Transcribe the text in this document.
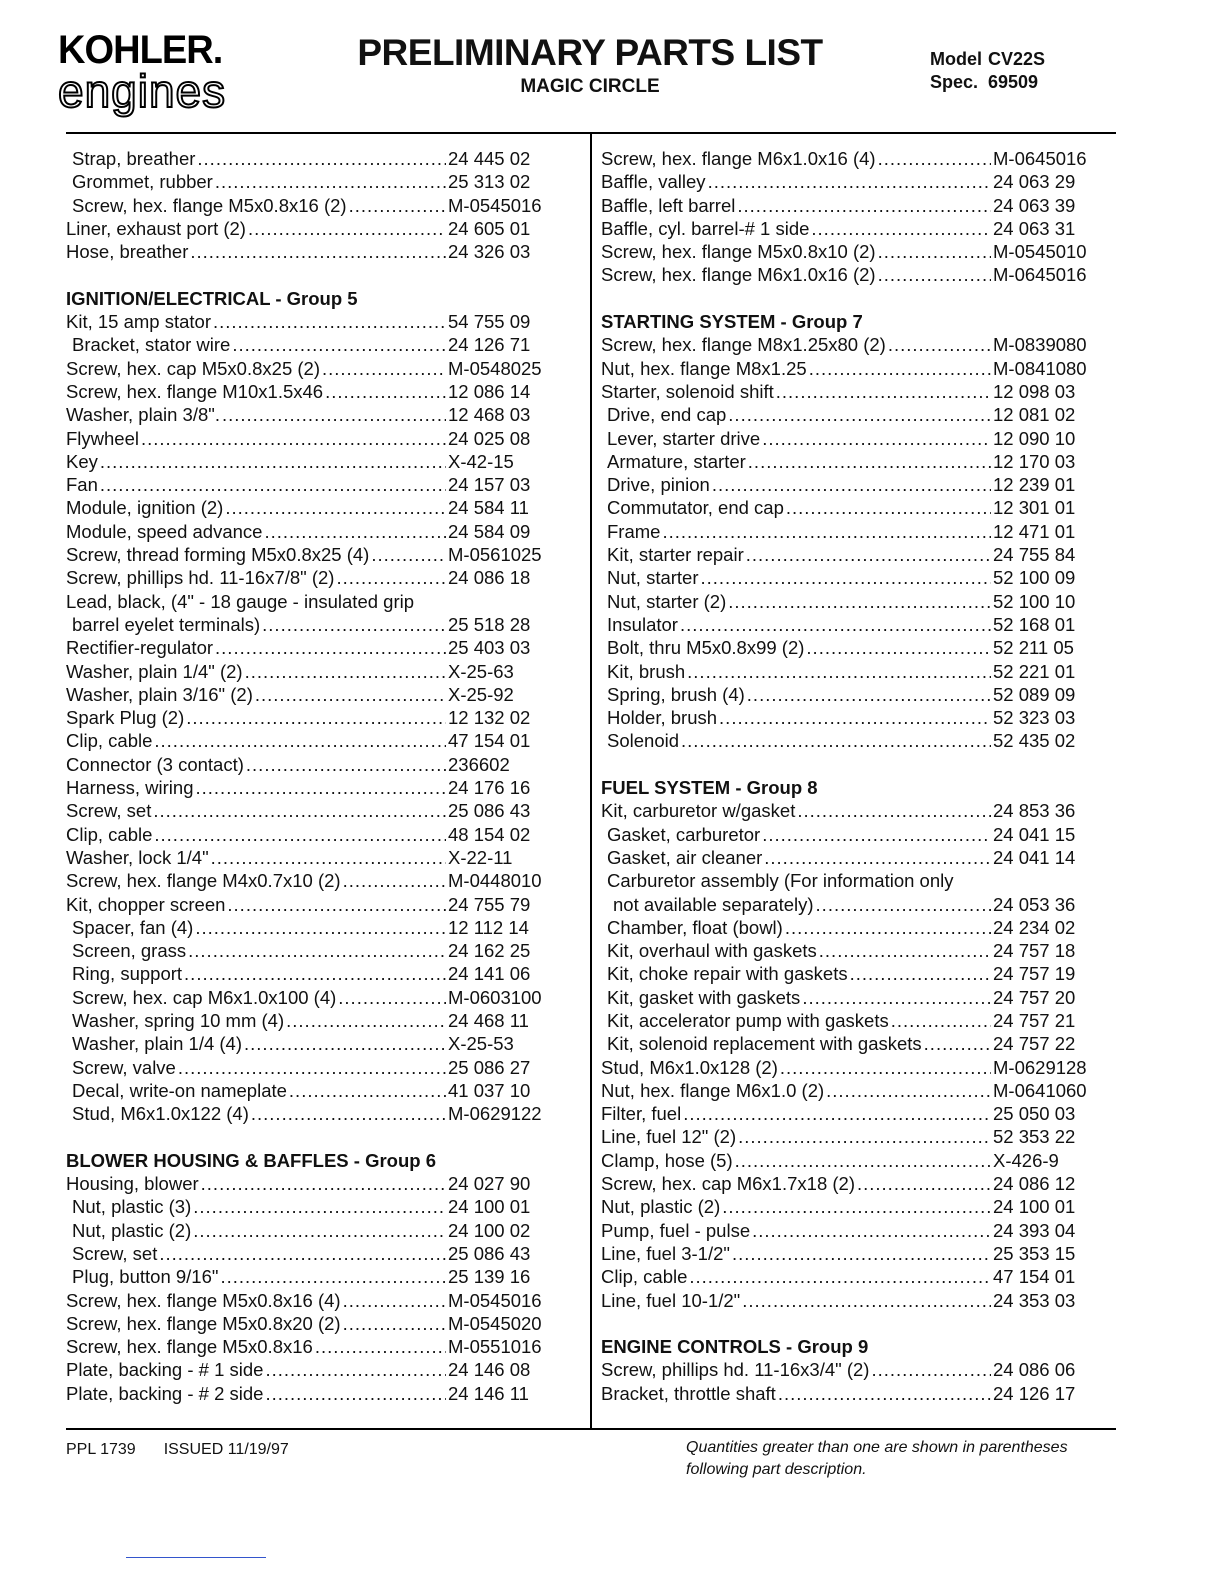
KOHLER.
engines
PRELIMINARY PARTS LIST
MAGIC CIRCLE
Model CV22S
Spec. 69509
Strap, breather .....	24 445 02
Grommet, rubber .....	25 313 02
Screw, hex. flange M5x0.8x16 (2) .....	M-0545016
Liner, exhaust port (2) .....	24 605 01
Hose, breather .....	24 326 03
IGNITION/ELECTRICAL - Group 5
Kit, 15 amp stator .....	54 755 09
Bracket, stator wire .....	24 126 71
Screw, hex. cap M5x0.8x25 (2) .....	M-0548025
Screw, hex. flange M10x1.5x46 .....	12 086 14
Washer, plain 3/8". .....	12 468 03
Flywheel .....	24 025 08
Key .....	X-42-15
Fan .....	24 157 03
Module, ignition (2) .....	24 584 11
Module, speed advance .....	24 584 09
Screw, thread forming M5x0.8x25 (4) .....	M-0561025
Screw, phillips hd. 11-16x7/8" (2) .....	24 086 18
Lead, black, (4" - 18 gauge - insulated grip
barrel eyelet terminals) .....	25 518 28
Rectifier-regulator .....	25 403 03
Washer, plain 1/4" (2) .....	X-25-63
Washer, plain 3/16" (2) .....	X-25-92
Spark Plug (2) .....	12 132 02
Clip, cable .....	47 154 01
Connector (3 contact) .....	236602
Harness, wiring .....	24 176 16
Screw, set .....	25 086 43
Clip, cable .....	48 154 02
Washer, lock 1/4" .....	X-22-11
Screw, hex. flange M4x0.7x10 (2) .....	M-0448010
Kit, chopper screen .....	24 755 79
Spacer, fan (4) .....	12 112 14
Screen, grass .....	24 162 25
Ring, support .....	24 141 06
Screw, hex. cap M6x1.0x100 (4) .....	M-0603100
Washer, spring 10 mm (4) .....	24 468 11
Washer, plain 1/4 (4) .....	X-25-53
Screw, valve .....	25 086 27
Decal, write-on nameplate .....	41 037 10
Stud, M6x1.0x122 (4) .....	M-0629122
BLOWER HOUSING & BAFFLES - Group 6
Housing, blower .....	24 027 90
Nut, plastic (3) .....	24 100 01
Nut, plastic (2) .....	24 100 02
Screw, set .....	25 086 43
Plug, button 9/16" .....	25 139 16
Screw, hex. flange M5x0.8x16 (4) .....	M-0545016
Screw, hex. flange M5x0.8x20 (2) .....	M-0545020
Screw, hex. flange M5x0.8x16 .....	M-0551016
Plate, backing - # 1 side .....	24 146 08
Plate, backing - # 2 side .....	24 146 11
Screw, hex. flange M6x1.0x16 (4) .....	M-0645016
Baffle, valley .....	24 063 29
Baffle, left barrel .....	24 063 39
Baffle, cyl. barrel-# 1 side .....	24 063 31
Screw, hex. flange M5x0.8x10 (2) .....	M-0545010
Screw, hex. flange M6x1.0x16 (2) .....	M-0645016
STARTING SYSTEM - Group 7
Screw, hex. flange M8x1.25x80 (2) .....	M-0839080
Nut, hex. flange M8x1.25 .....	M-0841080
Starter, solenoid shift .....	12 098 03
Drive, end cap .....	12 081 02
Lever, starter drive .....	12 090 10
Armature, starter .....	12 170 03
Drive, pinion .....	12 239 01
Commutator, end cap .....	12 301 01
Frame .....	12 471 01
Kit, starter repair .....	24 755 84
Nut, starter .....	52 100 09
Nut, starter (2) .....	52 100 10
Insulator .....	52 168 01
Bolt, thru M5x0.8x99 (2) .....	52 211 05
Kit, brush .....	52 221 01
Spring, brush (4) .....	52 089 09
Holder, brush .....	52 323 03
Solenoid .....	52 435 02
FUEL SYSTEM - Group 8
Kit, carburetor w/gasket .....	24 853 36
Gasket, carburetor .....	24 041 15
Gasket, air cleaner .....	24 041 14
Carburetor assembly (For information only
not available separately) .....	24 053 36
Chamber, float (bowl) .....	24 234 02
Kit, overhaul with gaskets .....	24 757 18
Kit, choke repair with gaskets .....	24 757 19
Kit, gasket with gaskets .....	24 757 20
Kit, accelerator pump with gaskets .....	24 757 21
Kit, solenoid replacement with gaskets .....	24 757 22
Stud, M6x1.0x128 (2) .....	M-0629128
Nut, hex. flange M6x1.0 (2) .....	M-0641060
Filter, fuel .....	25 050 03
Line, fuel 12" (2) .....	52 353 22
Clamp, hose (5) .....	X-426-9
Screw, hex. cap M6x1.7x18 (2) .....	24 086 12
Nut, plastic (2) .....	24 100 01
Pump, fuel - pulse .....	24 393 04
Line, fuel 3-1/2" .....	25 353 15
Clip, cable .....	47 154 01
Line, fuel 10-1/2" .....	24 353 03
ENGINE CONTROLS - Group 9
Screw, phillips hd. 11-16x3/4" (2) .....	24 086 06
Bracket, throttle shaft .....	24 126 17
PPL 1739 ISSUED 11/19/97	Quantities greater than one are shown in parentheses
following part description.
